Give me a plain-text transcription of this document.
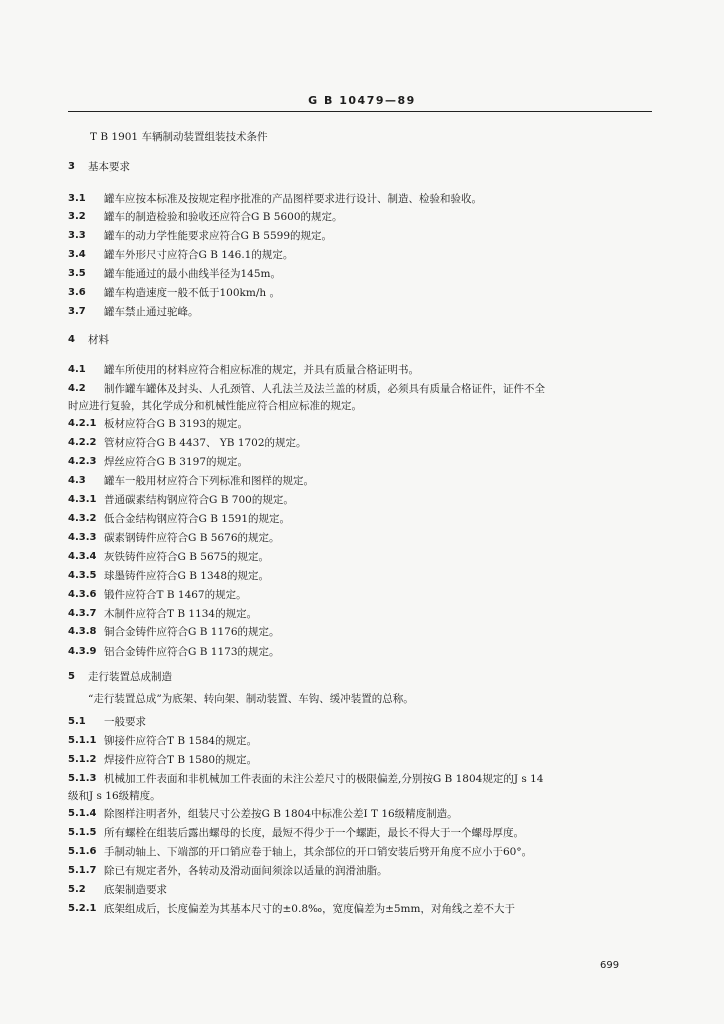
G B 10479—89
T B 1901 车辆制动装置组装技术条件
3 基本要求
3.1 罐车应按本标准及按规定程序批准的产品图样要求进行设计、制造、检验和验收。
3.2 罐车的制造检验和验收还应符合G B 5600的规定。
3.3 罐车的动力学性能要求应符合G B 5599的规定。
3.4 罐车外形尺寸应符合G B 146.1的规定。
3.5 罐车能通过的最小曲线半径为145m。
3.6 罐车构造速度一般不低于100km/h 。
3.7 罐车禁止通过驼峰。
4 材料
4.1 罐车所使用的材料应符合相应标准的规定，并具有质量合格证明书。
4.2 制作罐车罐体及封头、人孔颈管、人孔法兰及法兰盖的材质，必须具有质量合格证件，证件不全
时应进行复验，其化学成分和机械性能应符合相应标准的规定。
4.2.1 板材应符合G B 3193的规定。
4.2.2 管材应符合G B 4437、 YB 1702的规定。
4.2.3 焊丝应符合G B 3197的规定。
4.3 罐车一般用材应符合下列标准和图样的规定。
4.3.1 普通碳素结构钢应符合G B 700的规定。
4.3.2 低合金结构钢应符合G B 1591的规定。
4.3.3 碳素钢铸件应符合G B 5676的规定。
4.3.4 灰铁铸件应符合G B 5675的规定。
4.3.5 球墨铸件应符合G B 1348的规定。
4.3.6 锻件应符合T B 1467的规定。
4.3.7 木制件应符合T B 1134的规定。
4.3.8 铜合金铸件应符合G B 1176的规定。
4.3.9 铝合金铸件应符合G B 1173的规定。
5 走行装置总成制造
“走行装置总成”为底架、转向架、制动装置、车钩、缓冲装置的总称。
5.1 一般要求
5.1.1 铆接件应符合T B 1584的规定。
5.1.2 焊接件应符合T B 1580的规定。
5.1.3 机械加工件表面和非机械加工件表面的未注公差尺寸的极限偏差,分别按G B 1804规定的J s 14
级和J s 16级精度。
5.1.4 除图样注明者外，组装尺寸公差按G B 1804中标准公差I T 16级精度制造。
5.1.5 所有螺栓在组装后露出螺母的长度，最短不得少于一个螺距，最长不得大于一个螺母厚度。
5.1.6 手制动轴上、下端部的开口销应卷于轴上，其余部位的开口销安装后劈开角度不应小于60°。
5.1.7 除已有规定者外，各转动及滑动面间须涂以适量的润滑油脂。
5.2 底架制造要求
5.2.1 底架组成后，长度偏差为其基本尺寸的±0.8‰，宽度偏差为±5mm，对角线之差不大于
699
